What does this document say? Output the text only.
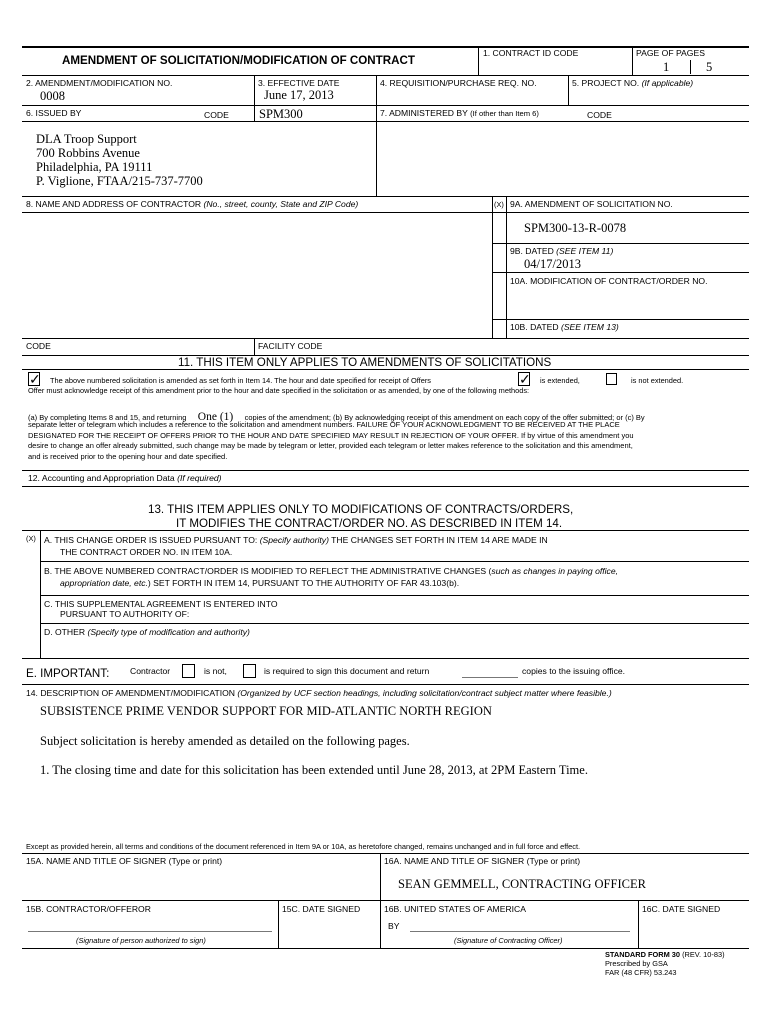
AMENDMENT OF SOLICITATION/MODIFICATION OF CONTRACT
1. CONTRACT ID CODE	PAGE OF PAGES
1	5
2. AMENDMENT/MODIFICATION NO.
0008
3. EFFECTIVE DATE
June 17, 2013
4. REQUISITION/PURCHASE REQ. NO.	5. PROJECT NO. (If applicable)
6. ISSUED BY	CODE SPM300	7. ADMINISTERED BY (If other than Item 6)	CODE
DLA Troop Support
700 Robbins Avenue
Philadelphia, PA 19111
P. Viglione, FTAA/215-737-7700
8. NAME AND ADDRESS OF CONTRACTOR (No., street, county, State and ZIP Code)	(X) 9A. AMENDMENT OF SOLICITATION NO.
SPM300-13-R-0078
9B. DATED (SEE ITEM 11)
04/17/2013
10A. MODIFICATION OF CONTRACT/ORDER NO.
10B. DATED (SEE ITEM 13)
CODE	FACILITY CODE
11. THIS ITEM ONLY APPLIES TO AMENDMENTS OF SOLICITATIONS
✓ The above numbered solicitation is amended as set forth in Item 14. The hour and date specified for receipt of Offers	✓ is extended,	is not extended.
Offer must acknowledge receipt of this amendment prior to the hour and date specified in the solicitation or as amended, by one of the following methods:
(a) By completing Items 8 and 15, and returning One (1) copies of the amendment; (b) By acknowledging receipt of this amendment on each copy of the offer submitted; or (c) By
separate letter or telegram which includes a reference to the solicitation and amendment numbers. FAILURE OF YOUR ACKNOWLEDGMENT TO BE RECEIVED AT THE PLACE
DESIGNATED FOR THE RECEIPT OF OFFERS PRIOR TO THE HOUR AND DATE SPECIFIED MAY RESULT IN REJECTION OF YOUR OFFER. If by virtue of this amendment you
desire to change an offer already submitted, such change may be made by telegram or letter, provided each telegram or letter makes reference to the solicitation and this amendment,
and is received prior to the opening hour and date specified.
12. Accounting and Appropriation Data (If required)
13. THIS ITEM APPLIES ONLY TO MODIFICATIONS OF CONTRACTS/ORDERS,
IT MODIFIES THE CONTRACT/ORDER NO. AS DESCRIBED IN ITEM 14.
(X) A. THIS CHANGE ORDER IS ISSUED PURSUANT TO: (Specify authority) THE CHANGES SET FORTH IN ITEM 14 ARE MADE IN
THE CONTRACT ORDER NO. IN ITEM 10A.
B. THE ABOVE NUMBERED CONTRACT/ORDER IS MODIFIED TO REFLECT THE ADMINISTRATIVE CHANGES (such as changes in paying office,
appropriation date, etc.) SET FORTH IN ITEM 14, PURSUANT TO THE AUTHORITY OF FAR 43.103(b).
C. THIS SUPPLEMENTAL AGREEMENT IS ENTERED INTO
PURSUANT TO AUTHORITY OF:
D. OTHER (Specify type of modification and authority)
E. IMPORTANT: Contractor	is not,	is required to sign this document and return	copies to the issuing office.
14. DESCRIPTION OF AMENDMENT/MODIFICATION (Organized by UCF section headings, including solicitation/contract subject matter where feasible.)
SUBSISTENCE PRIME VENDOR SUPPORT FOR MID-ATLANTIC NORTH REGION
Subject solicitation is hereby amended as detailed on the following pages.
1. The closing time and date for this solicitation has been extended until June 28, 2013, at 2PM Eastern Time.
Except as provided herein, all terms and conditions of the document referenced in Item 9A or 10A, as heretofore changed, remains unchanged and in full force and effect.
15A. NAME AND TITLE OF SIGNER (Type or print)	16A. NAME AND TITLE OF SIGNER (Type or print)
SEAN GEMMELL, CONTRACTING OFFICER
15B. CONTRACTOR/OFFEROR	15C. DATE SIGNED	16B. UNITED STATES OF AMERICA	16C. DATE SIGNED
BY
(Signature of person authorized to sign)	(Signature of Contracting Officer)
STANDARD FORM 30 (REV. 10-83)
Prescribed by GSA
FAR (48 CFR) 53.243
